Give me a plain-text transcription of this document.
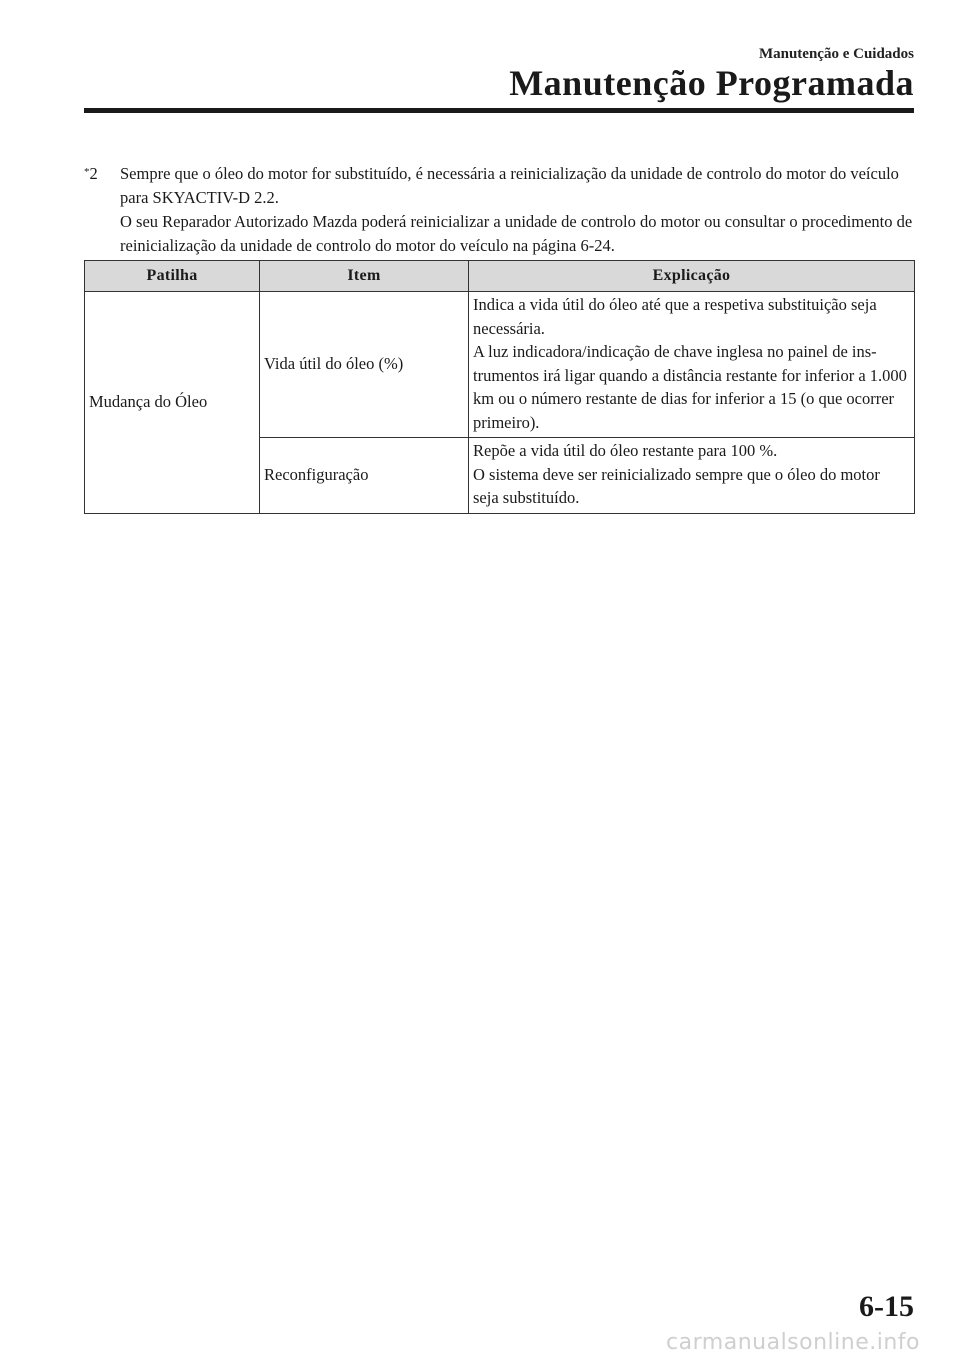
Manutenção e Cuidados
Manutenção Programada
*2	Sempre que o óleo do motor for substituído, é necessária a reinicialização da unidade de controlo do motor do veículo para SKYACTIV-D 2.2.

O seu Reparador Autorizado Mazda poderá reinicializar a unidade de controlo do motor ou consultar o procedimento de reinicialização da unidade de controlo do motor do veículo na página 6-24.

Patilha	Item	Explicação
Mudança do Óleo	Vida útil do óleo (%)	Indica a vida útil do óleo até que a respetiva substituição seja necessária.
A luz indicadora/indicação de chave inglesa no painel de ins-trumentos irá ligar quando a distância restante for inferior a 1.000 km ou o número restante de dias for inferior a 15 (o que ocorrer primeiro).

	Reconfiguração	Repõe a vida útil do óleo restante para 100 %.
O sistema deve ser reinicializado sempre que o óleo do motor seja substituído.
6-15
carmanualsonline.info
